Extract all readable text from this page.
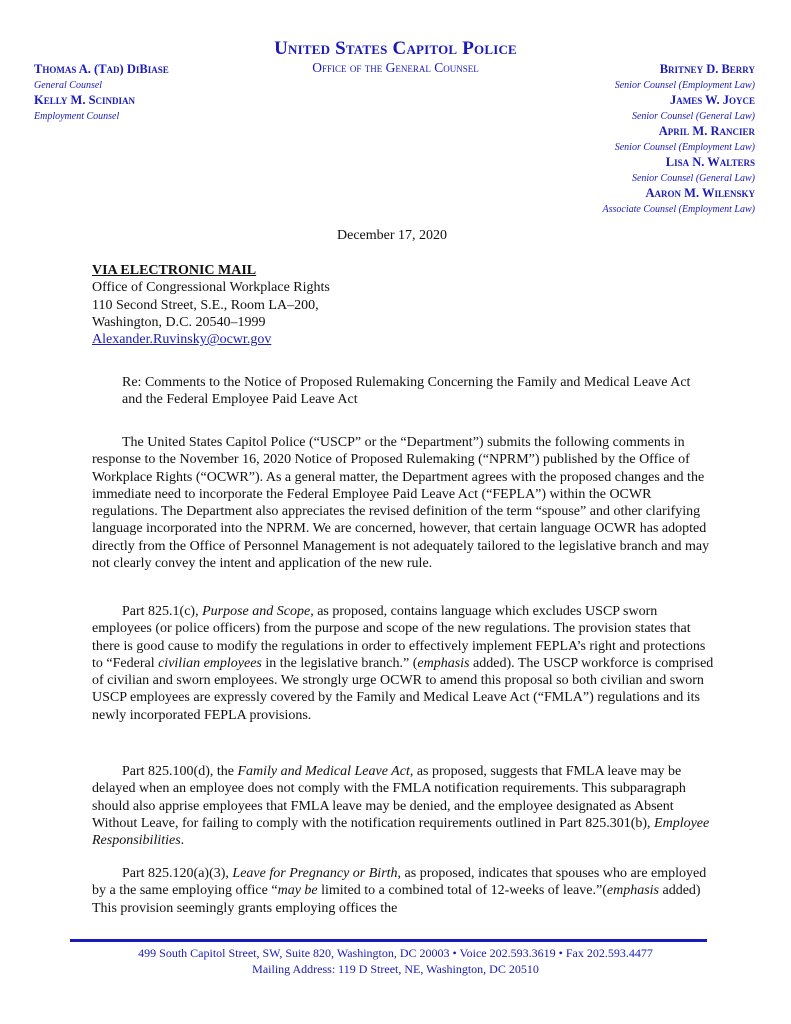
United States Capitol Police
Office of the General Counsel
Thomas A. (Tad) DiBiase
General Counsel
Kelly M. Scindian
Employment Counsel
Britney D. Berry
Senior Counsel (Employment Law)
James W. Joyce
Senior Counsel (General Law)
April M. Rancier
Senior Counsel (Employment Law)
Lisa N. Walters
Senior Counsel (General Law)
Aaron M. Wilensky
Associate Counsel (Employment Law)
December 17, 2020
VIA ELECTRONIC MAIL
Office of Congressional Workplace Rights
110 Second Street, S.E., Room LA–200,
Washington, D.C. 20540–1999
Alexander.Ruvinsky@ocwr.gov
Re: Comments to the Notice of Proposed Rulemaking Concerning the Family and Medical Leave Act and the Federal Employee Paid Leave Act

The United States Capitol Police (“USCP” or the “Department”) submits the following comments in response to the November 16, 2020 Notice of Proposed Rulemaking (“NPRM”) published by the Office of Workplace Rights (“OCWR”). As a general matter, the Department agrees with the proposed changes and the immediate need to incorporate the Federal Employee Paid Leave Act (“FEPLA”) within the OCWR regulations. The Department also appreciates the revised definition of the term “spouse” and other clarifying language incorporated into the NPRM. We are concerned, however, that certain language OCWR has adopted directly from the Office of Personnel Management is not adequately tailored to the legislative branch and may not clearly convey the intent and application of the new rule.

Part 825.1(c), Purpose and Scope, as proposed, contains language which excludes USCP sworn employees (or police officers) from the purpose and scope of the new regulations. The provision states that there is good cause to modify the regulations in order to effectively implement FEPLA’s right and protections to “Federal civilian employees in the legislative branch.” (emphasis added). The USCP workforce is comprised of civilian and sworn employees. We strongly urge OCWR to amend this proposal so both civilian and sworn USCP employees are expressly covered by the Family and Medical Leave Act (“FMLA”) regulations and its newly incorporated FEPLA provisions.

Part 825.100(d), the Family and Medical Leave Act, as proposed, suggests that FMLA leave may be delayed when an employee does not comply with the FMLA notification requirements. This subparagraph should also apprise employees that FMLA leave may be denied, and the employee designated as Absent Without Leave, for failing to comply with the notification requirements outlined in Part 825.301(b), Employee Responsibilities.

Part 825.120(a)(3), Leave for Pregnancy or Birth, as proposed, indicates that spouses who are employed by a the same employing office “may be limited to a combined total of 12-weeks of leave.”(emphasis added) This provision seemingly grants employing offices the

499 South Capitol Street, SW, Suite 820, Washington, DC 20003 • Voice 202.593.3619 • Fax 202.593.4477
Mailing Address: 119 D Street, NE, Washington, DC 20510
